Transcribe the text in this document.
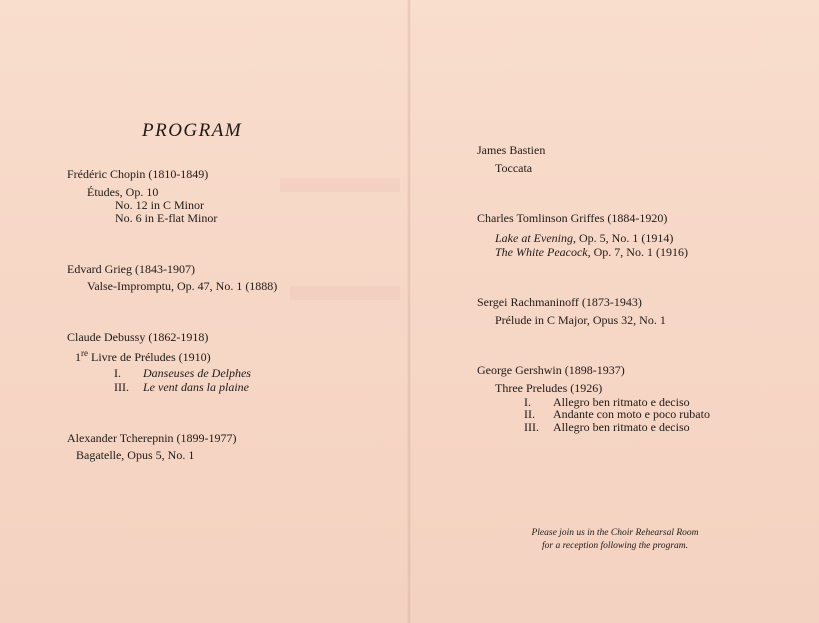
PROGRAM
Frédéric Chopin (1810-1849)
Études, Op. 10
No. 12 in C Minor
No. 6 in E-flat Minor
Edvard Grieg (1843-1907)
Valse-Impromptu, Op. 47, No. 1 (1888)
Claude Debussy (1862-1918)
1re Livre de Préludes (1910)
I. Danseuses de Delphes
III. Le vent dans la plaine
Alexander Tcherepnin (1899-1977)
Bagatelle, Opus 5, No. 1
James Bastien
Toccata
Charles Tomlinson Griffes (1884-1920)
Lake at Evening, Op. 5, No. 1 (1914)
The White Peacock, Op. 7, No. 1 (1916)
Sergei Rachmaninoff (1873-1943)
Prélude in C Major, Opus 32, No. 1
George Gershwin (1898-1937)
Three Preludes (1926)
I. Allegro ben ritmato e deciso
II. Andante con moto e poco rubato
III. Allegro ben ritmato e deciso
Please join us in the Choir Rehearsal Room
for a reception following the program.
